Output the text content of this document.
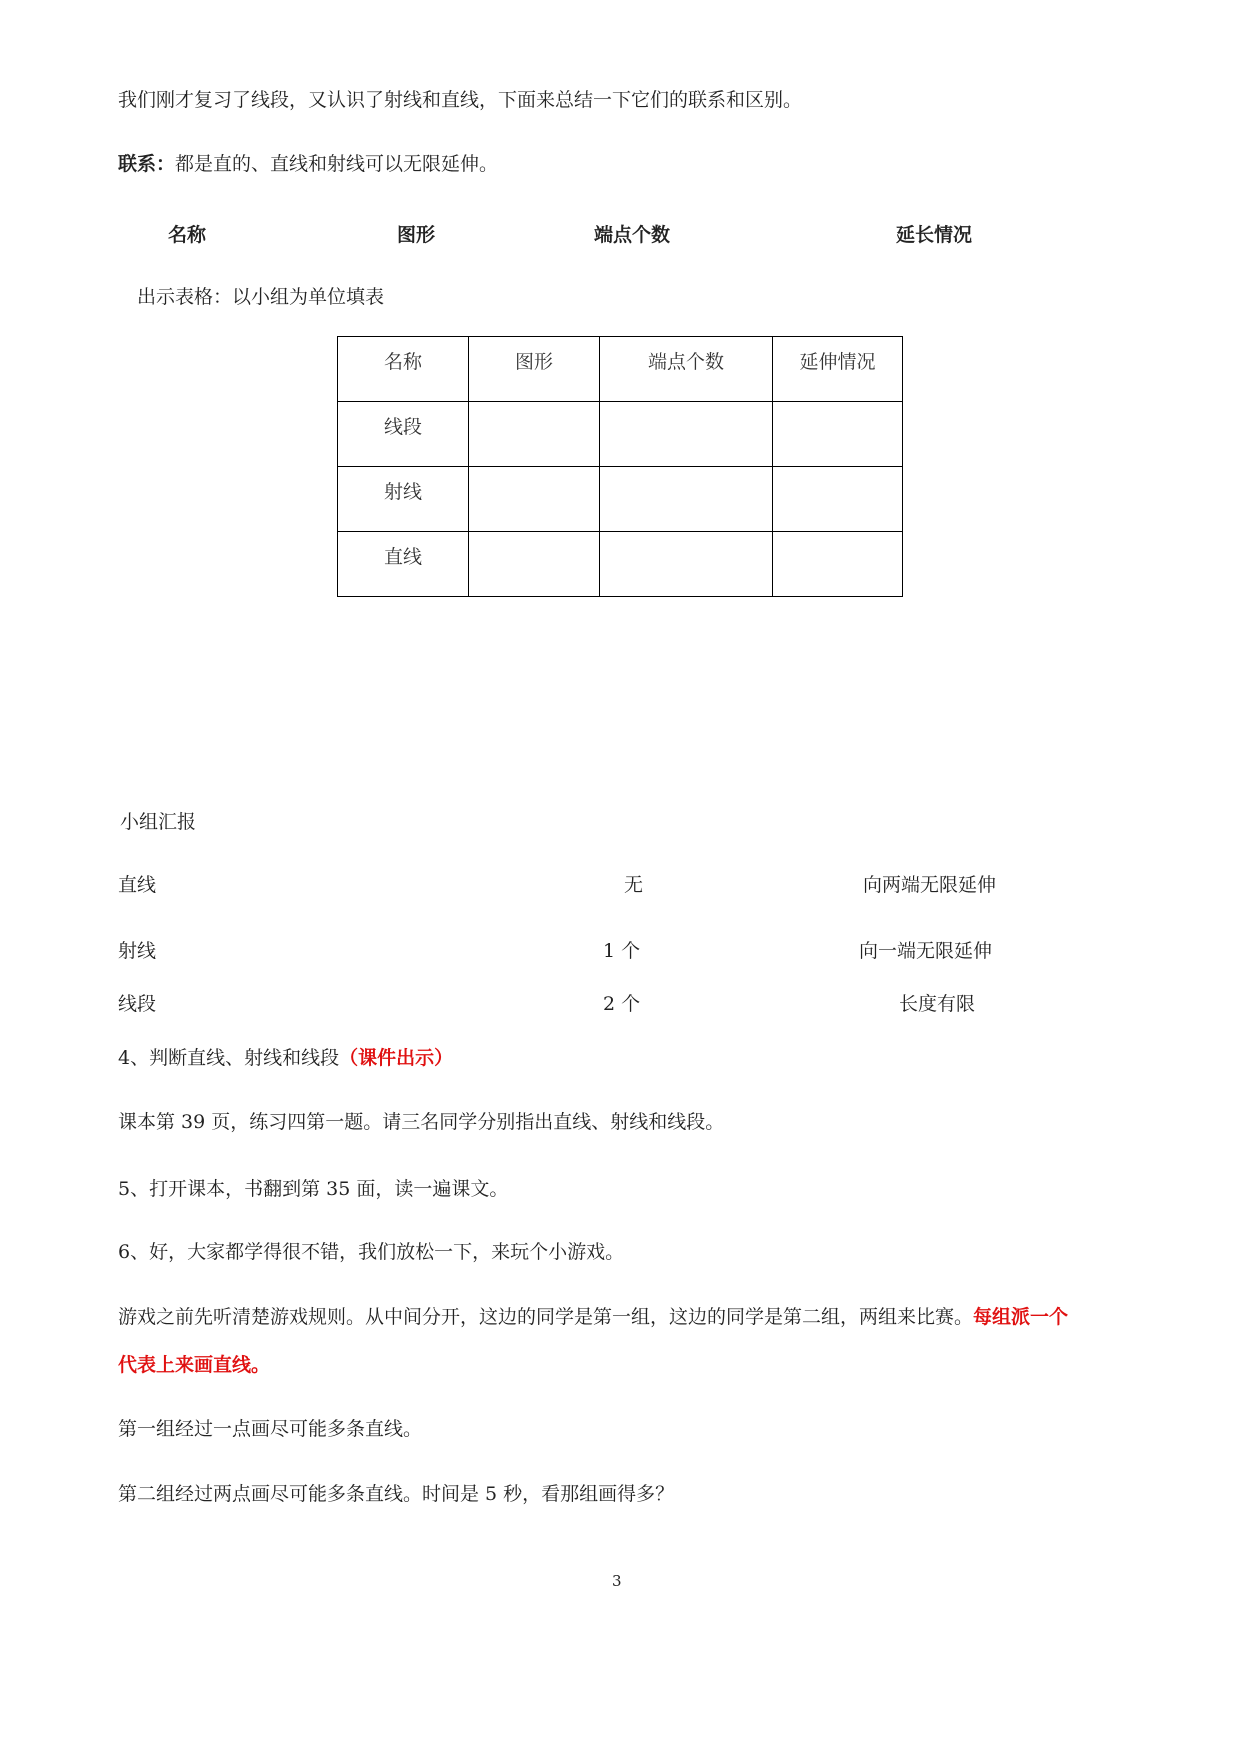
我们刚才复习了线段，又认识了射线和直线，下面来总结一下它们的联系和区别。
联系：都是直的、直线和射线可以无限延伸。
名称	图形	端点个数	延长情况
出示表格：以小组为单位填表
名称	图形	端点个数	延伸情况
线段			
射线			
直线			
小组汇报
直线	无	向两端无限延伸
射线	1 个	向一端无限延伸
线段	2 个	长度有限
4、判断直线、射线和线段（课件出示）
课本第 39 页，练习四第一题。请三名同学分别指出直线、射线和线段。
5、打开课本，书翻到第 35 面，读一遍课文。
6、好，大家都学得很不错，我们放松一下，来玩个小游戏。
游戏之前先听清楚游戏规则。从中间分开，这边的同学是第一组，这边的同学是第二组，两组来比赛。每组派一个
代表上来画直线。
第一组经过一点画尽可能多条直线。
第二组经过两点画尽可能多条直线。时间是 5 秒，看那组画得多？
3
